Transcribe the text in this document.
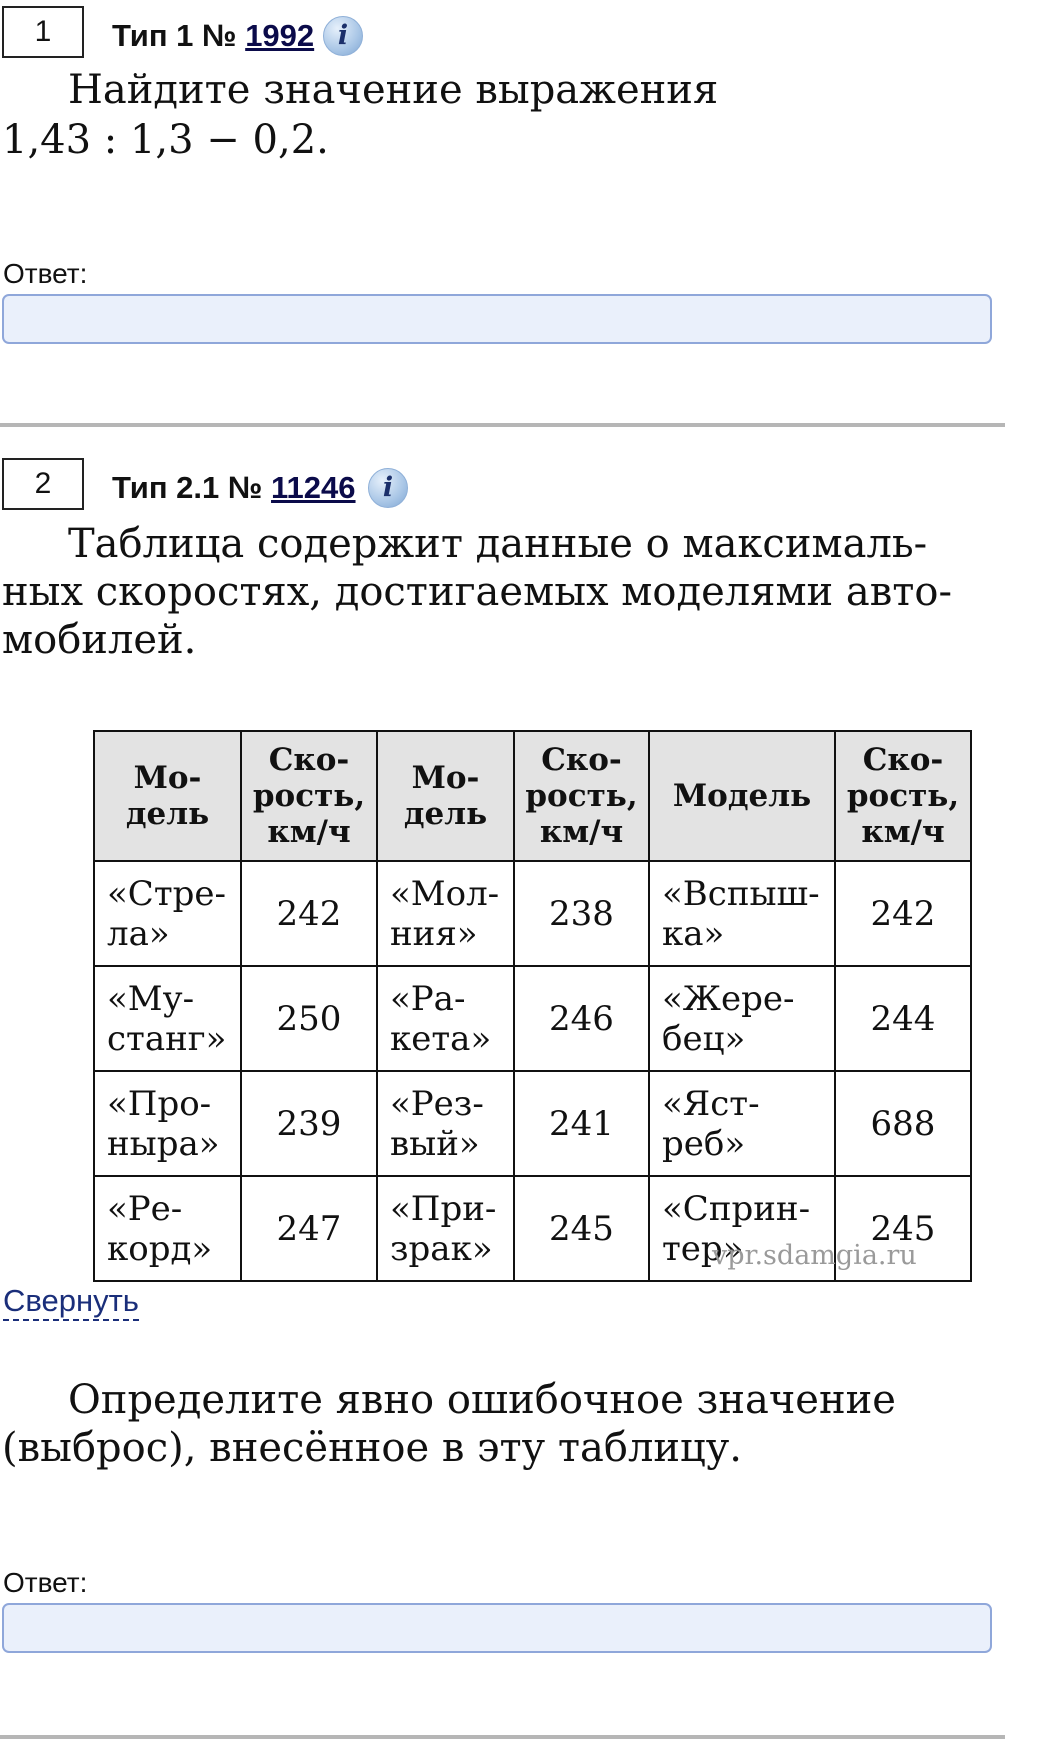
1	Тип 1 № 1992 i
Найдите значение выражения
1,43 : 1,3 − 0,2.
Ответ:
2	Тип 2.1 № 11246	i
Таблица содержит данные о максималь-
ных скоростях, достигаемых моделями авто-
мобилей.
Мо-
дель	Ско-
рость,
км/ч	Мо-
дель	Ско-
рость,
км/ч	Модель	Ско-
рость,
км/ч
«Стре-
ла»	242	«Мол-
ния»	238	«Вспыш-
ка»	242
«Му-
станг»	250	«Ра-
кета»	246	«Жере-
бец»	244
«Про-
ныра»	239	«Рез-
вый»	241	«Яст-
реб»	688
«Ре-
корд»	247	«При-
зрак»	245	«Сприн-
тер»	245
vpr.sdamgia.ru
Свернуть
Определите явно ошибочное значение
(выброс), внесённое в эту таблицу.
Ответ:
